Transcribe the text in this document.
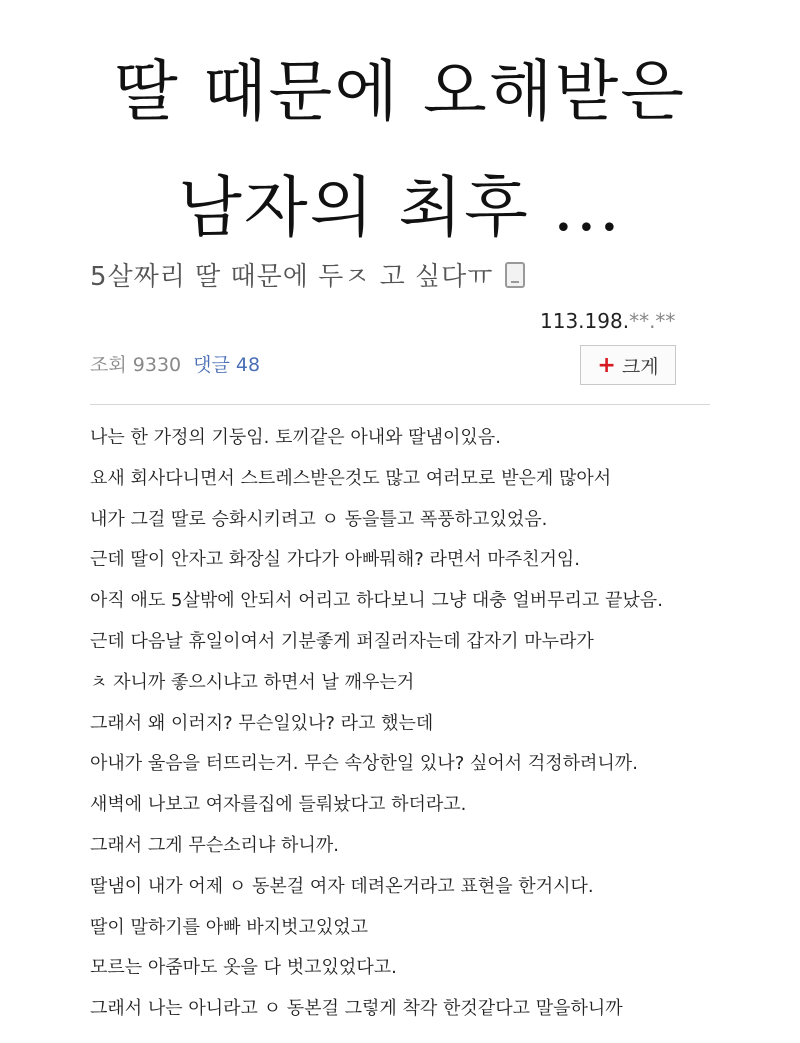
딸 때문에 오해받은
남자의 최후 ...
5살짜리 딸 때문에 두ㅈ 고 싶다ㅠ
113.198.**.**
조회 9330 댓글 48	+ 크게
나는 한 가정의 기둥임. 토끼같은 아내와 딸냄이있음.
요새 회사다니면서 스트레스받은것도 많고 여러모로 받은게 많아서
내가 그걸 딸로 승화시키려고 ㅇ 동을틀고 폭풍하고있었음.
근데 딸이 안자고 화장실 가다가 아빠뭐해? 라면서 마주친거임.
아직 애도 5살밖에 안되서 어리고 하다보니 그냥 대충 얼버무리고 끝났음.
근데 다음날 휴일이여서 기분좋게 퍼질러자는데 갑자기 마누라가
ㅊ 자니까 좋으시냐고 하면서 날 깨우는거
그래서 왜 이러지? 무슨일있나? 라고 했는데
아내가 울음을 터뜨리는거. 무슨 속상한일 있나? 싶어서 걱정하려니까.
새벽에 나보고 여자를집에 들뤄놨다고 하더라고.
그래서 그게 무슨소리냐 하니까.
딸냄이 내가 어제 ㅇ 동본걸 여자 데려온거라고 표현을 한거시다.
딸이 말하기를 아빠 바지벗고있었고
모르는 아줌마도 옷을 다 벗고있었다고.
그래서 나는 아니라고 ㅇ 동본걸 그렇게 착각 한것같다고 말을하니까
